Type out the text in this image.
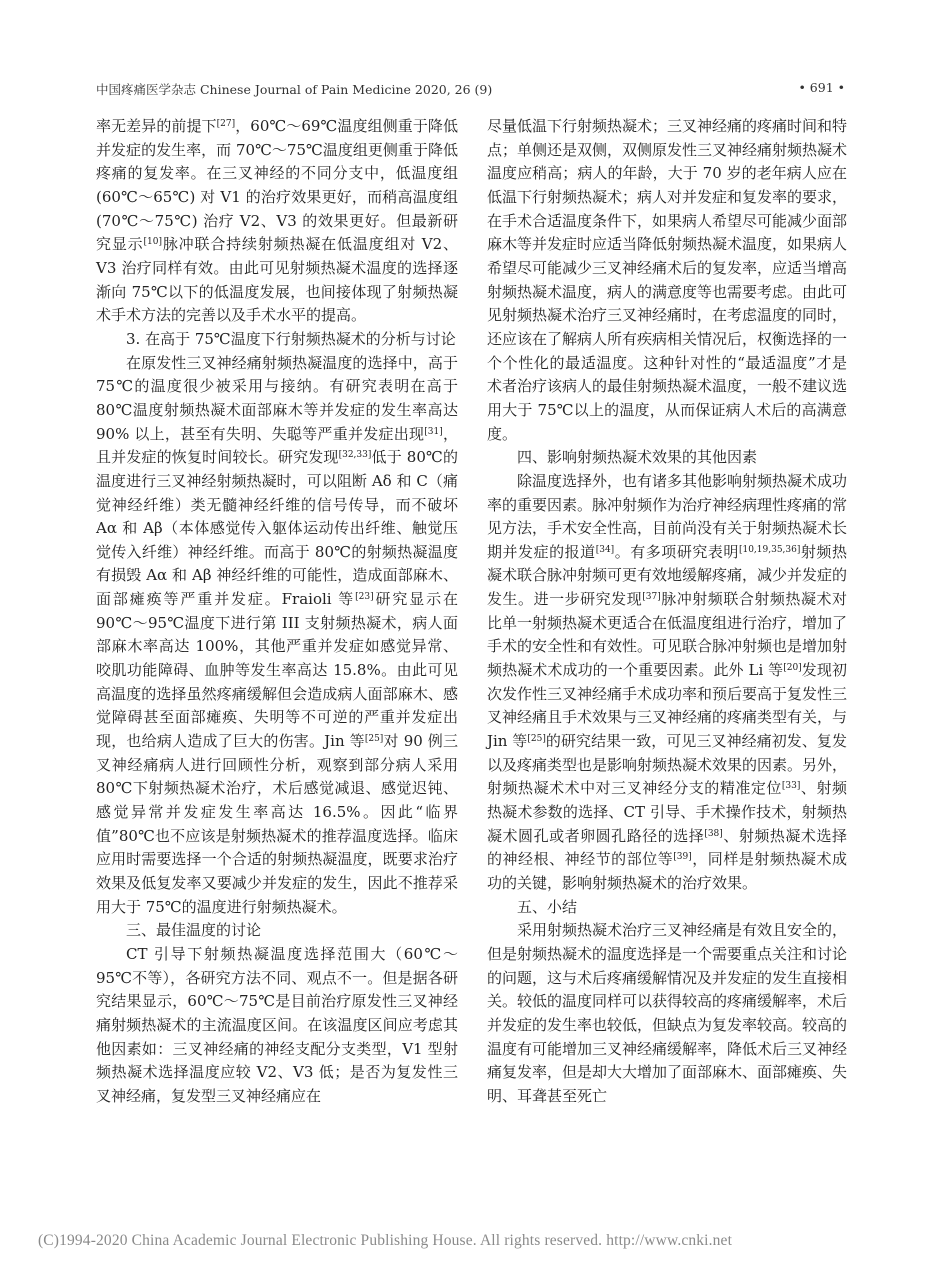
中国疼痛医学杂志 Chinese Journal of Pain Medicine 2020, 26 (9)	• 691 •

率无差异的前提下[27]，60℃～69℃温度组侧重于降低并发症的发生率，而 70℃～75℃温度组更侧重于降低疼痛的复发率。在三叉神经的不同分支中，低温度组 (60℃～65℃) 对 V1 的治疗效果更好，而稍高温度组 (70℃～75℃) 治疗 V2、V3 的效果更好。但最新研究显示[10]脉冲联合持续射频热凝在低温度组对 V2、V3 治疗同样有效。由此可见射频热凝术温度的选择逐渐向 75℃以下的低温度发展，也间接体现了射频热凝术手术方法的完善以及手术水平的提高。

3. 在高于 75℃温度下行射频热凝术的分析与讨论

在原发性三叉神经痛射频热凝温度的选择中，高于 75℃的温度很少被采用与接纳。有研究表明在高于 80℃温度射频热凝术面部麻木等并发症的发生率高达 90% 以上，甚至有失明、失聪等严重并发症出现[31]，且并发症的恢复时间较长。研究发现[32,33]低于 80℃的温度进行三叉神经射频热凝时，可以阻断 Aδ 和 C（痛觉神经纤维）类无髓神经纤维的信号传导，而不破坏 Aα 和 Aβ（本体感觉传入躯体运动传出纤维、触觉压觉传入纤维）神经纤维。而高于 80℃的射频热凝温度有损毁 Aα 和 Aβ 神经纤维的可能性，造成面部麻木、面部瘫痪等严重并发症。Fraioli 等[23]研究显示在 90℃～95℃温度下进行第 III 支射频热凝术，病人面部麻木率高达 100%，其他严重并发症如感觉异常、咬肌功能障碍、血肿等发生率高达 15.8%。由此可见高温度的选择虽然疼痛缓解但会造成病人面部麻木、感觉障碍甚至面部瘫痪、失明等不可逆的严重并发症出现，也给病人造成了巨大的伤害。Jin 等[25]对 90 例三叉神经痛病人进行回顾性分析，观察到部分病人采用 80℃下射频热凝术治疗，术后感觉减退、感觉迟钝、感觉异常并发症发生率高达 16.5%。因此“临界值”80℃也不应该是射频热凝术的推荐温度选择。临床应用时需要选择一个合适的射频热凝温度，既要求治疗效果及低复发率又要减少并发症的发生，因此不推荐采用大于 75℃的温度进行射频热凝术。

三、最佳温度的讨论

CT 引导下射频热凝温度选择范围大（60℃～95℃不等），各研究方法不同、观点不一。但是据各研究结果显示，60℃～75℃是目前治疗原发性三叉神经痛射频热凝术的主流温度区间。在该温度区间应考虑其他因素如：三叉神经痛的神经支配分支类型，V1 型射频热凝术选择温度应较 V2、V3 低；是否为复发性三叉神经痛，复发型三叉神经痛应在

尽量低温下行射频热凝术；三叉神经痛的疼痛时间和特点；单侧还是双侧，双侧原发性三叉神经痛射频热凝术温度应稍高；病人的年龄，大于 70 岁的老年病人应在低温下行射频热凝术；病人对并发症和复发率的要求，在手术合适温度条件下，如果病人希望尽可能减少面部麻木等并发症时应适当降低射频热凝术温度，如果病人希望尽可能减少三叉神经痛术后的复发率，应适当增高射频热凝术温度，病人的满意度等也需要考虑。由此可见射频热凝术治疗三叉神经痛时，在考虑温度的同时，还应该在了解病人所有疾病相关情况后，权衡选择的一个个性化的最适温度。这种针对性的“最适温度”才是术者治疗该病人的最佳射频热凝术温度，一般不建议选用大于 75℃以上的温度，从而保证病人术后的高满意度。

四、影响射频热凝术效果的其他因素

除温度选择外，也有诸多其他影响射频热凝术成功率的重要因素。脉冲射频作为治疗神经病理性疼痛的常见方法，手术安全性高，目前尚没有关于射频热凝术长期并发症的报道[34]。有多项研究表明[10,19,35,36]射频热凝术联合脉冲射频可更有效地缓解疼痛，减少并发症的发生。进一步研究发现[37]脉冲射频联合射频热凝术对比单一射频热凝术更适合在低温度组进行治疗，增加了手术的安全性和有效性。可见联合脉冲射频也是增加射频热凝术术成功的一个重要因素。此外 Li 等[20]发现初次发作性三叉神经痛手术成功率和预后要高于复发性三叉神经痛且手术效果与三叉神经痛的疼痛类型有关，与 Jin 等[25]的研究结果一致，可见三叉神经痛初发、复发以及疼痛类型也是影响射频热凝术效果的因素。另外，射频热凝术术中对三叉神经分支的精准定位[33]、射频热凝术参数的选择、CT 引导、手术操作技术，射频热凝术圆孔或者卵圆孔路径的选择[38]、射频热凝术选择的神经根、神经节的部位等[39]，同样是射频热凝术成功的关键，影响射频热凝术的治疗效果。

五、小结

采用射频热凝术治疗三叉神经痛是有效且安全的，但是射频热凝术的温度选择是一个需要重点关注和讨论的问题，这与术后疼痛缓解情况及并发症的发生直接相关。较低的温度同样可以获得较高的疼痛缓解率，术后并发症的发生率也较低，但缺点为复发率较高。较高的温度有可能增加三叉神经痛缓解率，降低术后三叉神经痛复发率，但是却大大增加了面部麻木、面部瘫痪、失明、耳聋甚至死亡

(C)1994-2020 China Academic Journal Electronic Publishing House. All rights reserved. http://www.cnki.net
